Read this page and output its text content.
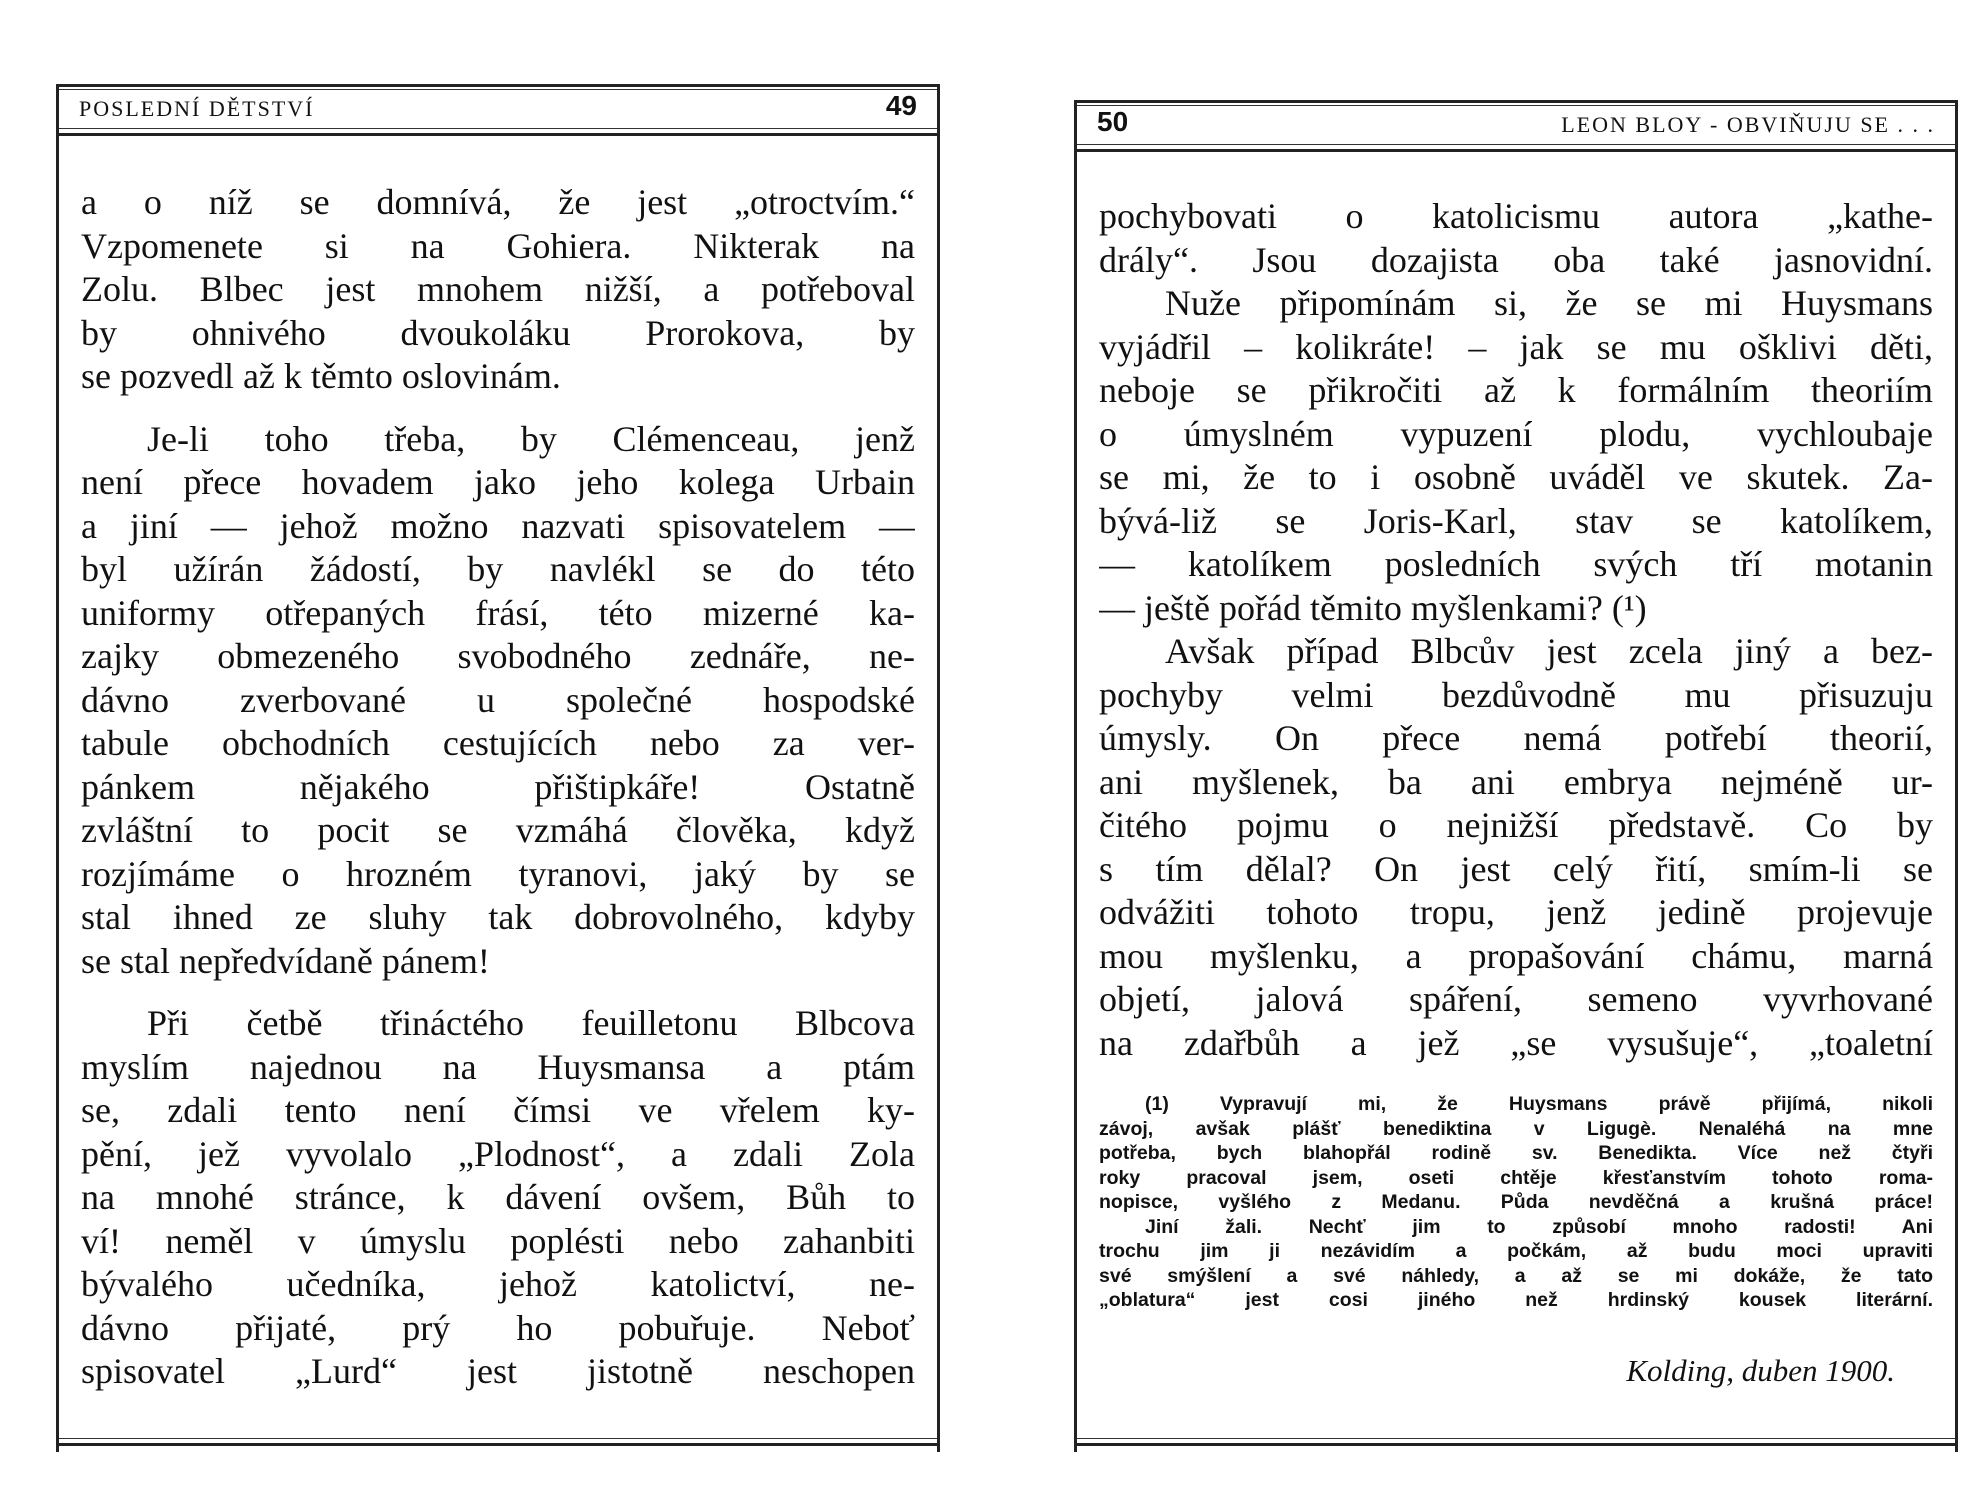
POSLEDNÍ DĚTSTVÍ	49
a o níž se domnívá, že jest „otroctvím.“
Vzpomenete si na Gohiera. Nikterak na
Zolu. Blbec jest mnohem nižší, a potřeboval
by ohnivého dvoukoláku Prorokova, by
se pozvedl až k těmto oslovinám.
Je-li toho třeba, by Clémenceau, jenž
není přece hovadem jako jeho kolega Urbain
a jiní — jehož možno nazvati spisovatelem —
byl užírán žádostí, by navlékl se do této
uniformy otřepaných frásí, této mizerné ka-
zajky obmezeného svobodného zednáře, ne-
dávno zverbované u společné hospodské
tabule obchodních cestujících nebo za ver-
pánkem nějakého přištipkáře! Ostatně
zvláštní to pocit se vzmáhá člověka, když
rozjímáme o hrozném tyranovi, jaký by se
stal ihned ze sluhy tak dobrovolného, kdyby
se stal nepředvídaně pánem!
Při četbě třináctého feuilletonu Blbcova
myslím najednou na Huysmansa a ptám
se, zdali tento není čímsi ve vřelem ky-
pění, jež vyvolalo „Plodnost“, a zdali Zola
na mnohé stránce, k dávení ovšem, Bůh to
ví! neměl v úmyslu poplésti nebo zahanbiti
bývalého učedníka, jehož katolictví, ne-
dávno přijaté, prý ho pobuřuje. Neboť
spisovatel „Lurd“ jest jistotně neschopen
50	LEON BLOY - OBVIŇUJU SE . . .
pochybovati o katolicismu autora „kathe-
drály“. Jsou dozajista oba také jasnovidní.
Nuže připomínám si, že se mi Huysmans
vyjádřil – kolikráte! – jak se mu ošklivi děti,
neboje se přikročiti až k formálním theoriím
o úmyslném vypuzení plodu, vychloubaje
se mi, že to i osobně uváděl ve skutek. Za-
bývá-liž se Joris-Karl, stav se katolíkem,
— katolíkem posledních svých tří motanin
— ještě pořád těmito myšlenkami? (¹)
Avšak případ Blbcův jest zcela jiný a bez-
pochyby velmi bezdůvodně mu přisuzuju
úmysly. On přece nemá potřebí theorií,
ani myšlenek, ba ani embrya nejméně ur-
čitého pojmu o nejnižší představě. Co by
s tím dělal? On jest celý řití, smím-li se
odvážiti tohoto tropu, jenž jedině projevuje
mou myšlenku, a propašování chámu, marná
objetí, jalová spáření, semeno vyvrhované
na zdařbůh a jež „se vysušuje“, „toaletní
(1) Vypravují mi, že Huysmans právě přijímá, nikoli
závoj, avšak plášť benediktina v Ligugè. Nenaléhá na mne
potřeba, bych blahopřál rodině sv. Benedikta. Více než čtyři
roky pracoval jsem, oseti chtěje křesťanstvím tohoto roma-
nopisce, vyšlého z Medanu. Půda nevděčná a krušná práce!
Jiní žali. Nechť jim to způsobí mnoho radosti! Ani
trochu jim ji nezávidím a počkám, až budu moci upraviti
své smýšlení a své náhledy, a až se mi dokáže, že tato
„oblatura“ jest cosi jiného než hrdinský kousek literární.
Kolding, duben 1900.
